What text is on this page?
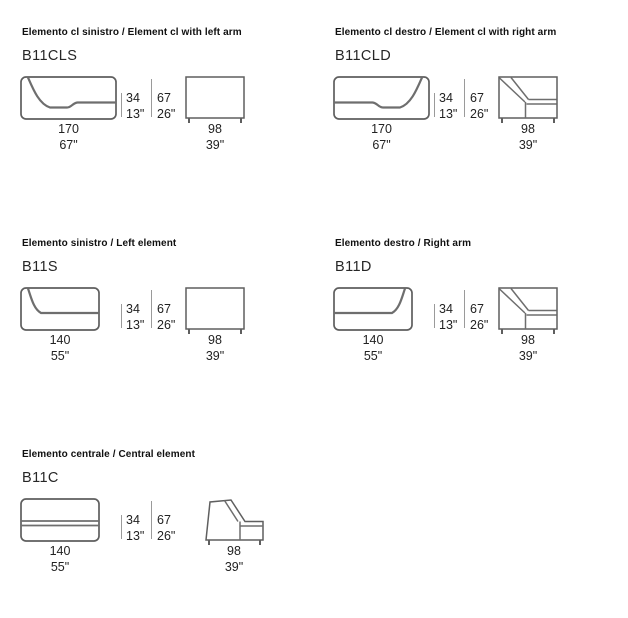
Elemento cl sinistro / Element cl with left arm
B11CLS
170
67"
34
13"
67
26"
98
39"
Elemento cl destro / Element cl with right arm
B11CLD
170
67"
34
13"
67
26"
98
39"
Elemento sinistro / Left element
B11S
140
55"
34
13"
67
26"
98
39"
Elemento destro / Right arm
B11D
140
55"
34
13"
67
26"
98
39"
Elemento centrale / Central element
B11C
140
55"
34
13"
67
26"
98
39"
